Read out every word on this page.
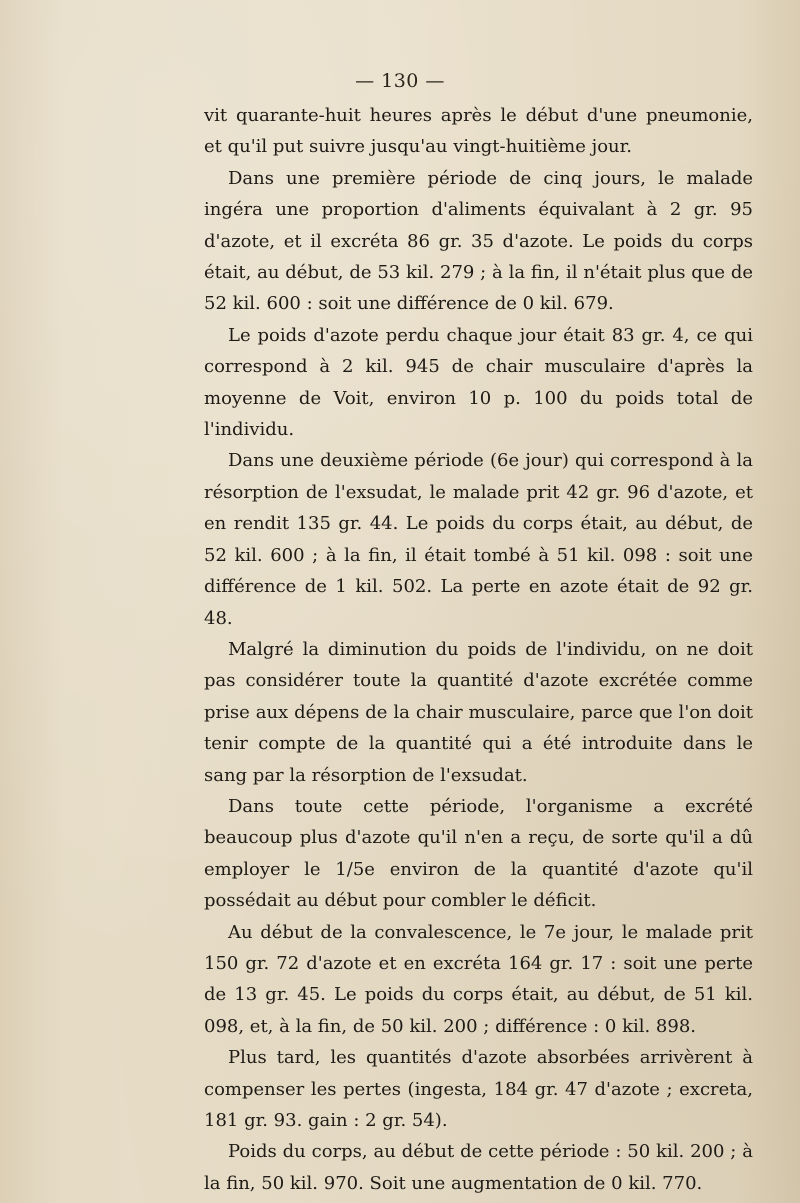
— 130 —

vit quarante-huit heures après le début d'une pneumonie, et qu'il put suivre jusqu'au vingt-huitième jour.

Dans une première période de cinq jours, le malade ingéra une proportion d'aliments équivalant à 2 gr. 95 d'azote, et il excréta 86 gr. 35 d'azote. Le poids du corps était, au début, de 53 kil. 279 ; à la fin, il n'était plus que de 52 kil. 600 : soit une différence de 0 kil. 679.

Le poids d'azote perdu chaque jour était 83 gr. 4, ce qui correspond à 2 kil. 945 de chair musculaire d'après la moyenne de Voit, environ 10 p. 100 du poids total de l'individu.

Dans une deuxième période (6e jour) qui correspond à la résorption de l'exsudat, le malade prit 42 gr. 96 d'azote, et en rendit 135 gr. 44. Le poids du corps était, au début, de 52 kil. 600 ; à la fin, il était tombé à 51 kil. 098 : soit une différence de 1 kil. 502. La perte en azote était de 92 gr. 48.

Malgré la diminution du poids de l'individu, on ne doit pas considérer toute la quantité d'azote excrétée comme prise aux dépens de la chair musculaire, parce que l'on doit tenir compte de la quantité qui a été introduite dans le sang par la résorption de l'exsudat.

Dans toute cette période, l'organisme a excrété beaucoup plus d'azote qu'il n'en a reçu, de sorte qu'il a dû employer le 1/5e environ de la quantité d'azote qu'il possédait au début pour combler le déficit.

Au début de la convalescence, le 7e jour, le malade prit 150 gr. 72 d'azote et en excréta 164 gr. 17 : soit une perte de 13 gr. 45. Le poids du corps était, au début, de 51 kil. 098, et, à la fin, de 50 kil. 200 ; différence : 0 kil. 898.

Plus tard, les quantités d'azote absorbées arrivèrent à compenser les pertes (ingesta, 184 gr. 47 d'azote ; excreta, 181 gr. 93. gain : 2 gr. 54).

Poids du corps, au début de cette période : 50 kil. 200 ; à la fin, 50 kil. 970. Soit une augmentation de 0 kil. 770.
